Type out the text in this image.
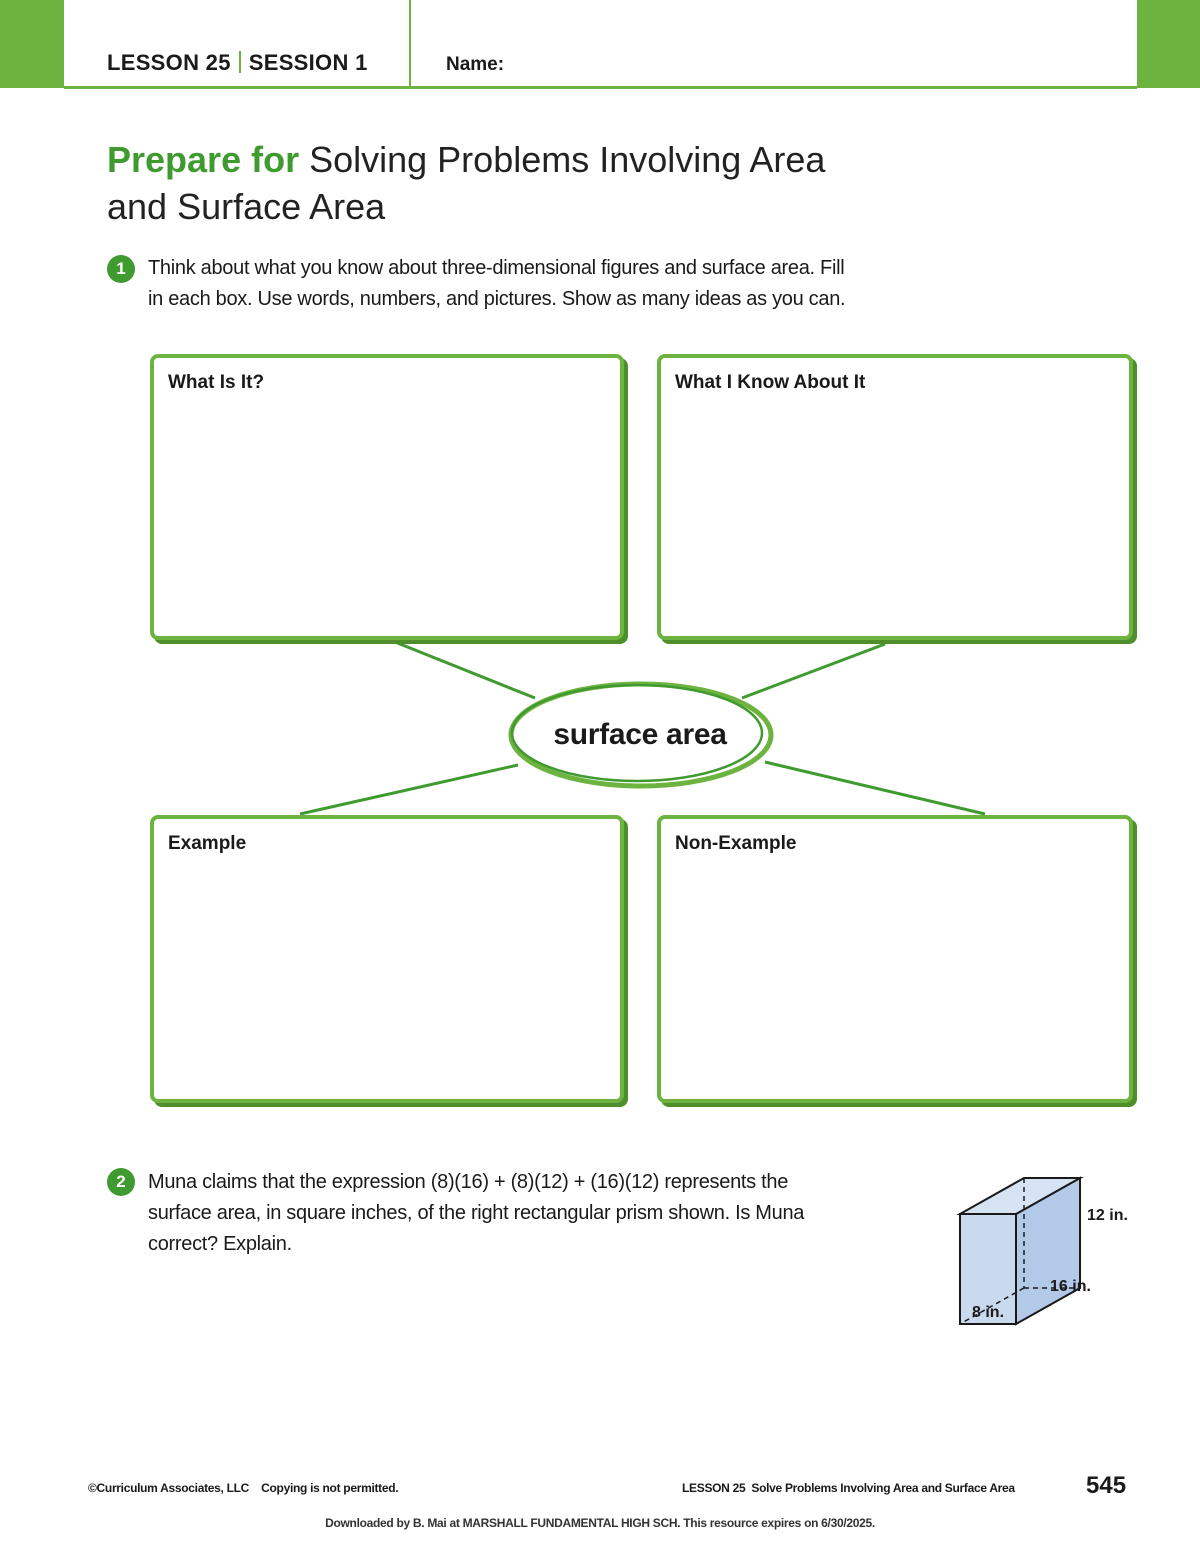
LESSON 25 SESSION 1	Name:
Prepare for Solving Problems Involving Area
and Surface Area
1	Think about what you know about three-dimensional figures and surface area. Fill
in each box. Use words, numbers, and pictures. Show as many ideas as you can.
What Is It?	What I Know About It
Example	Non-Example
surface area
2	Muna claims that the expression (8)(16) + (8)(12) + (16)(12) represents the
surface area, in square inches, of the right rectangular prism shown. Is Muna
correct? Explain.
12 in.
16 in.
8 in.
©Curriculum Associates, LLC    Copying is not permitted.	LESSON 25  Solve Problems Involving Area and Surface Area	545
Downloaded by B. Mai at MARSHALL FUNDAMENTAL HIGH SCH. This resource expires on 6/30/2025.
